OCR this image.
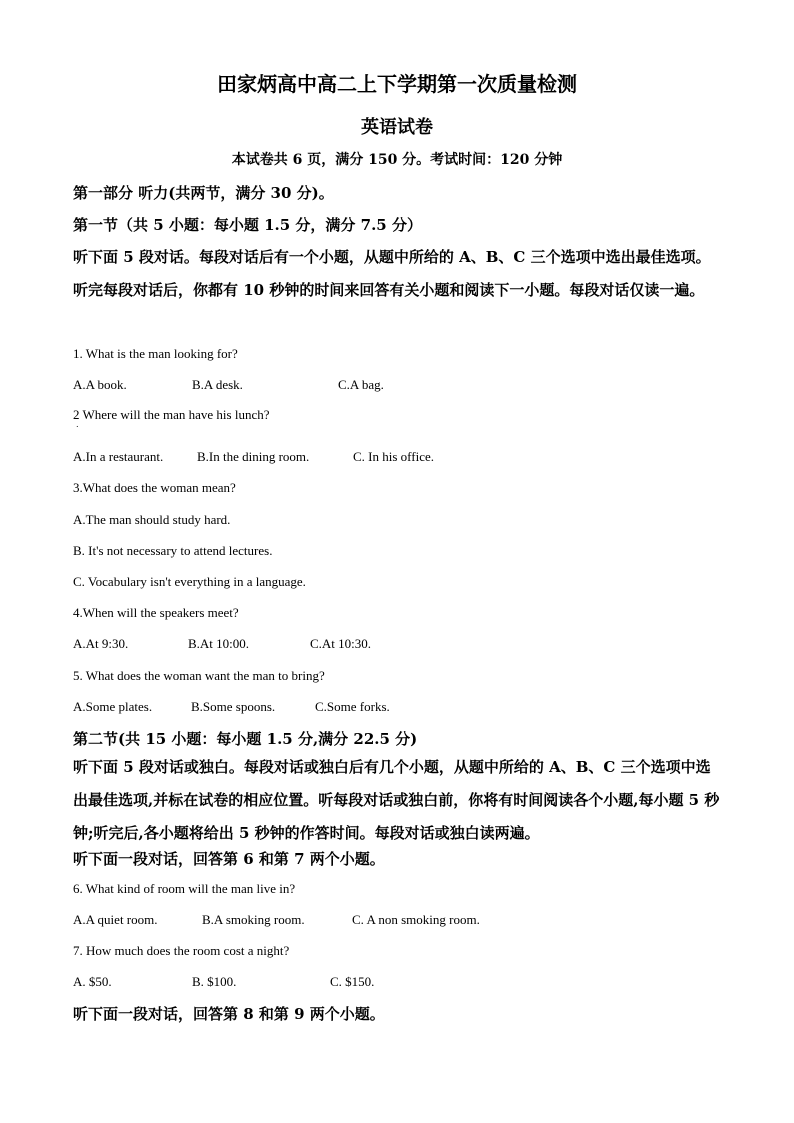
田家炳高中高二上下学期第一次质量检测
英语试卷
本试卷共 6 页，满分 150 分。考试时间：120 分钟
第一部分 听力(共两节，满分 30 分)。
第一节（共 5 小题：每小题 1.5 分，满分 7.5 分）
听下面 5 段对话。每段对话后有一个小题，从题中所给的 A、B、C 三个选项中选出最佳选项。听完每段对话后，你都有 10 秒钟的时间来回答有关小题和阅读下一小题。每段对话仅读一遍。
1. What is the man looking for?
A.A book.	B.A desk.	C.A bag.
2 Where will the man have his lunch?
.
A.In a restaurant.	B.In the dining room.	C. In his office.
3.What does the woman mean?
A.The man should study hard.
B. It's not necessary to attend lectures.
C. Vocabulary isn't everything in a language.
4.When will the speakers meet?
A.At 9:30.	B.At 10:00.	C.At 10:30.
5. What does the woman want the man to bring?
A.Some plates.	B.Some spoons.	C.Some forks.
第二节(共 15 小题：每小题 1.5 分,满分 22.5 分)
听下面 5 段对话或独白。每段对话或独白后有几个小题，从题中所给的 A、B、C 三个选项中选出最佳选项,并标在试卷的相应位置。听每段对话或独白前，你将有时间阅读各个小题,每小题 5 秒钟;听完后,各小题将给出 5 秒钟的作答时间。每段对话或独白读两遍。
听下面一段对话，回答第 6 和第 7 两个小题。
6. What kind of room will the man live in?
A.A quiet room.	B.A smoking room.	C. A non smoking room.
7. How much does the room cost a night?
A. $50.	B. $100.	C. $150.
听下面一段对话，回答第 8 和第 9 两个小题。
